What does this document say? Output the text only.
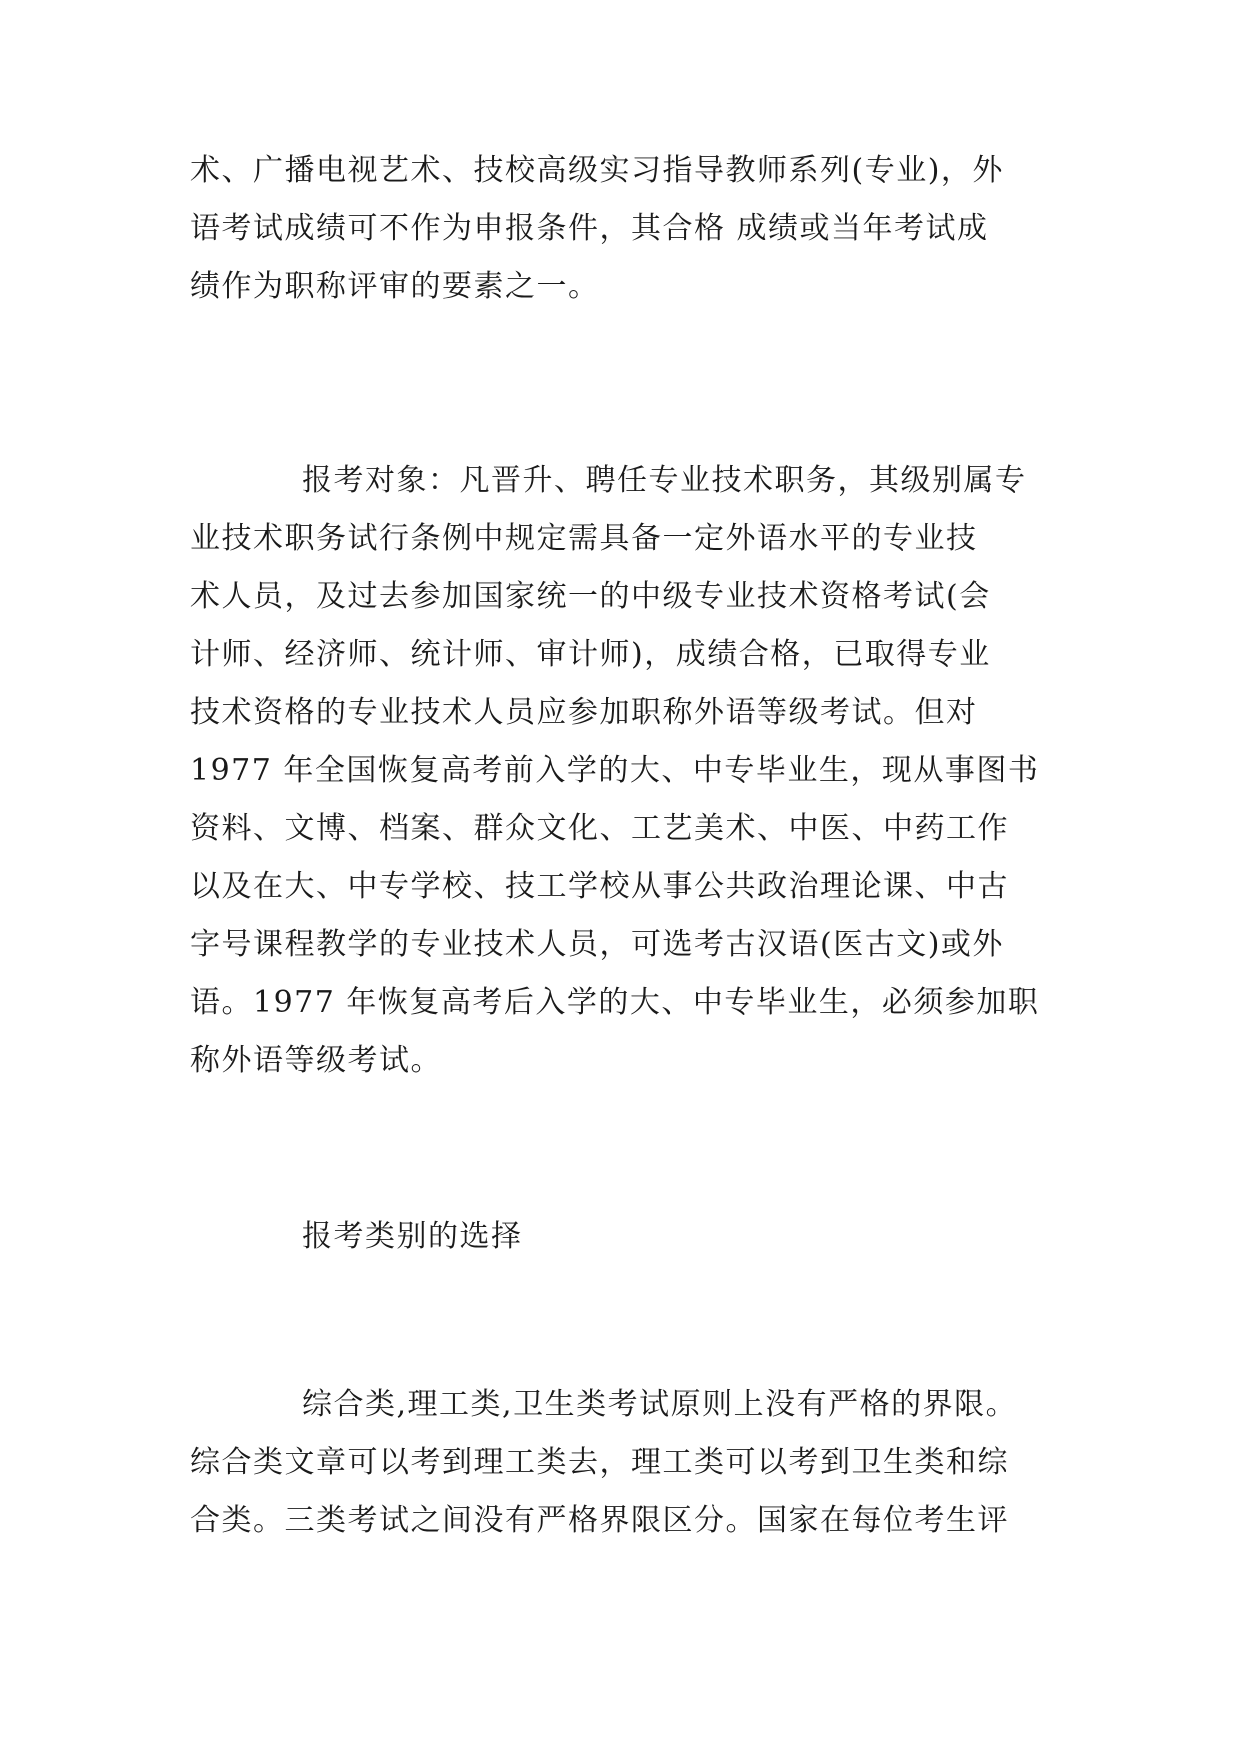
术、广播电视艺术、技校高级实习指导教师系列(专业)，外
语考试成绩可不作为申报条件，其合格 成绩或当年考试成
绩作为职称评审的要素之一。

报考对象：凡晋升、聘任专业技术职务，其级别属专
业技术职务试行条例中规定需具备一定外语水平的专业技
术人员，及过去参加国家统一的中级专业技术资格考试(会
计师、经济师、统计师、审计师)，成绩合格，已取得专业
技术资格的专业技术人员应参加职称外语等级考试。但对
1977 年全国恢复高考前入学的大、中专毕业生，现从事图书
资料、文博、档案、群众文化、工艺美术、中医、中药工作
以及在大、中专学校、技工学校从事公共政治理论课、中古
字号课程教学的专业技术人员，可选考古汉语(医古文)或外
语。1977 年恢复高考后入学的大、中专毕业生，必须参加职
称外语等级考试。

报考类别的选择

综合类,理工类,卫生类考试原则上没有严格的界限。
综合类文章可以考到理工类去，理工类可以考到卫生类和综
合类。三类考试之间没有严格界限区分。国家在每位考生评
